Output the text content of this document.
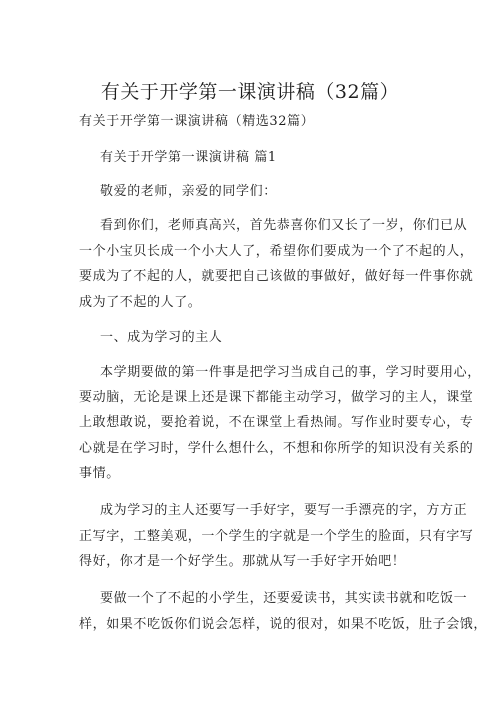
有关于开学第一课演讲稿（32篇）
有关于开学第一课演讲稿（精选32篇）
有关于开学第一课演讲稿 篇1
敬爱的老师，亲爱的同学们：
看到你们，老师真高兴，首先恭喜你们又长了一岁，你们已从
一个小宝贝长成一个小大人了，希望你们要成为一个了不起的人，
要成为了不起的人，就要把自己该做的事做好，做好每一件事你就
成为了不起的人了。
一、成为学习的主人
本学期要做的第一件事是把学习当成自己的事，学习时要用心，
要动脑，无论是课上还是课下都能主动学习，做学习的主人，课堂
上敢想敢说，要抢着说，不在课堂上看热闹。写作业时要专心，专
心就是在学习时，学什么想什么，不想和你所学的知识没有关系的
事情。
成为学习的主人还要写一手好字，要写一手漂亮的字，方方正
正写字，工整美观，一个学生的字就是一个学生的脸面，只有字写
得好，你才是一个好学生。那就从写一手好字开始吧！
要做一个了不起的小学生，还要爱读书，其实读书就和吃饭一
样，如果不吃饭你们说会怎样，说的很对，如果不吃饭，肚子会饿，
